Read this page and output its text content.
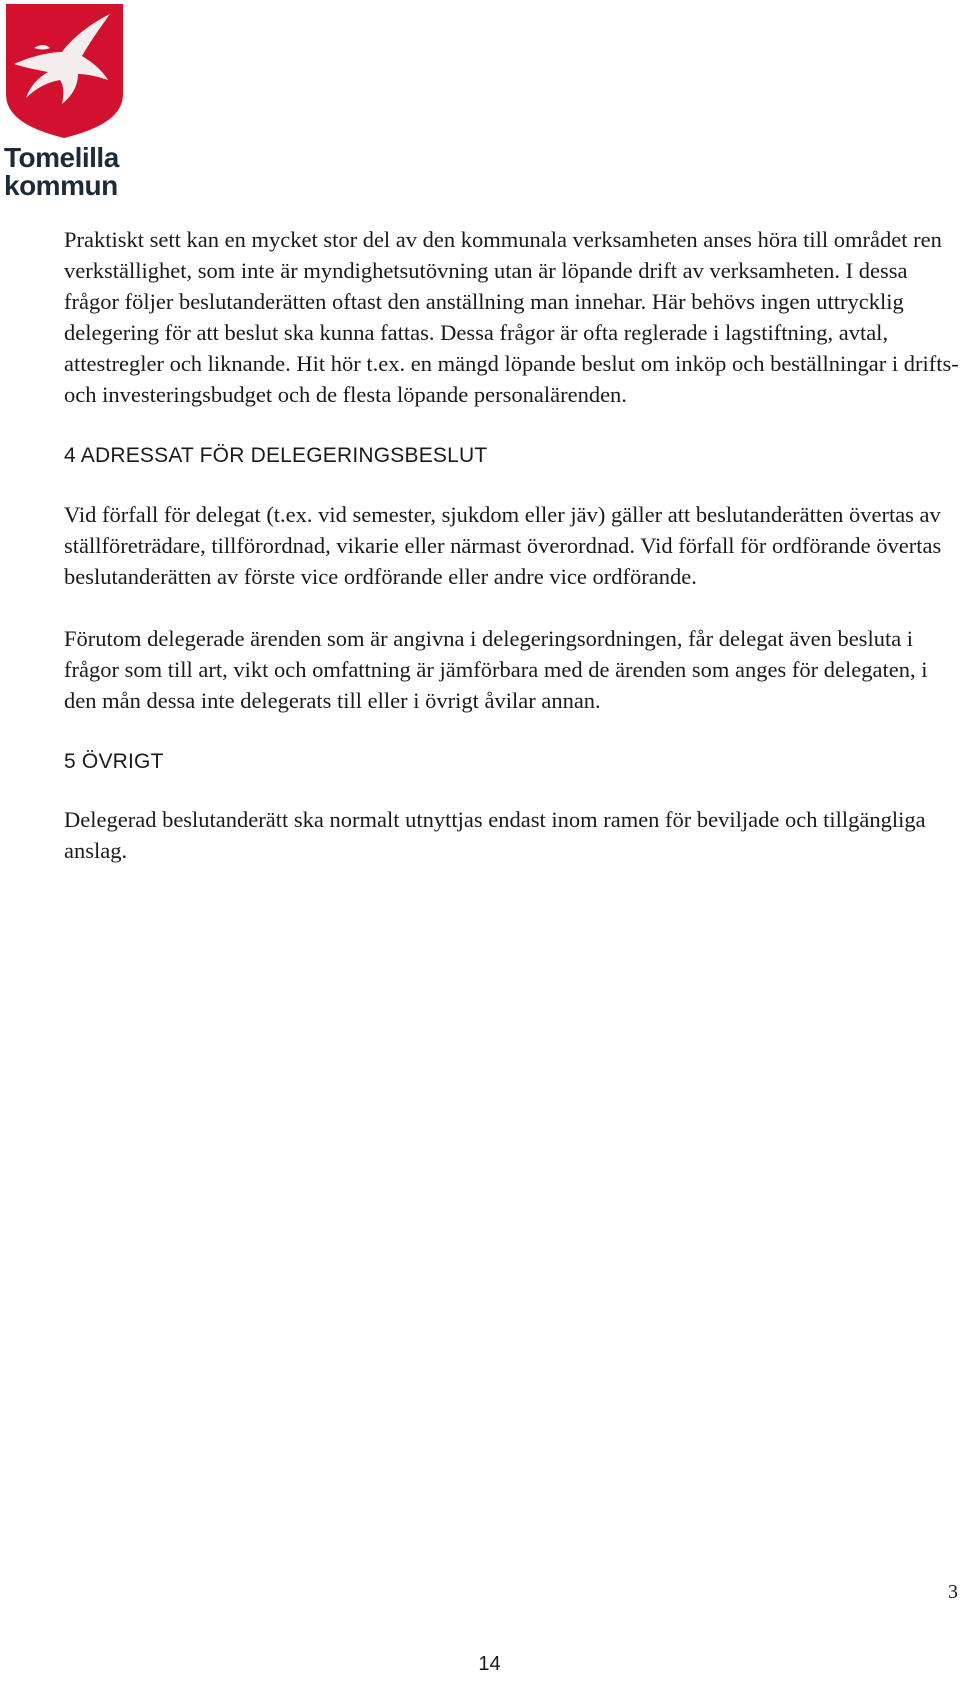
Tomelilla
kommun

Praktiskt sett kan en mycket stor del av den kommunala verksamheten anses höra till området ren verkställighet, som inte är myndighetsutövning utan är löpande drift av verksamheten. I dessa frågor följer beslutanderätten oftast den anställning man innehar. Här behövs ingen uttrycklig delegering för att beslut ska kunna fattas. Dessa frågor är ofta reglerade i lagstiftning, avtal, attestregler och liknande. Hit hör t.ex. en mängd löpande beslut om inköp och beställningar i drifts- och investeringsbudget och de flesta löpande personalärenden.

4 ADRESSAT FÖR DELEGERINGSBESLUT

Vid förfall för delegat (t.ex. vid semester, sjukdom eller jäv) gäller att beslutanderätten övertas av ställföreträdare, tillförordnad, vikarie eller närmast överordnad. Vid förfall för ordförande övertas beslutanderätten av förste vice ordförande eller andre vice ordförande.

Förutom delegerade ärenden som är angivna i delegeringsordningen, får delegat även besluta i frågor som till art, vikt och omfattning är jämförbara med de ärenden som anges för delegaten, i den mån dessa inte delegerats till eller i övrigt åvilar annan.

5 ÖVRIGT

Delegerad beslutanderätt ska normalt utnyttjas endast inom ramen för beviljade och tillgängliga anslag.

3
14
